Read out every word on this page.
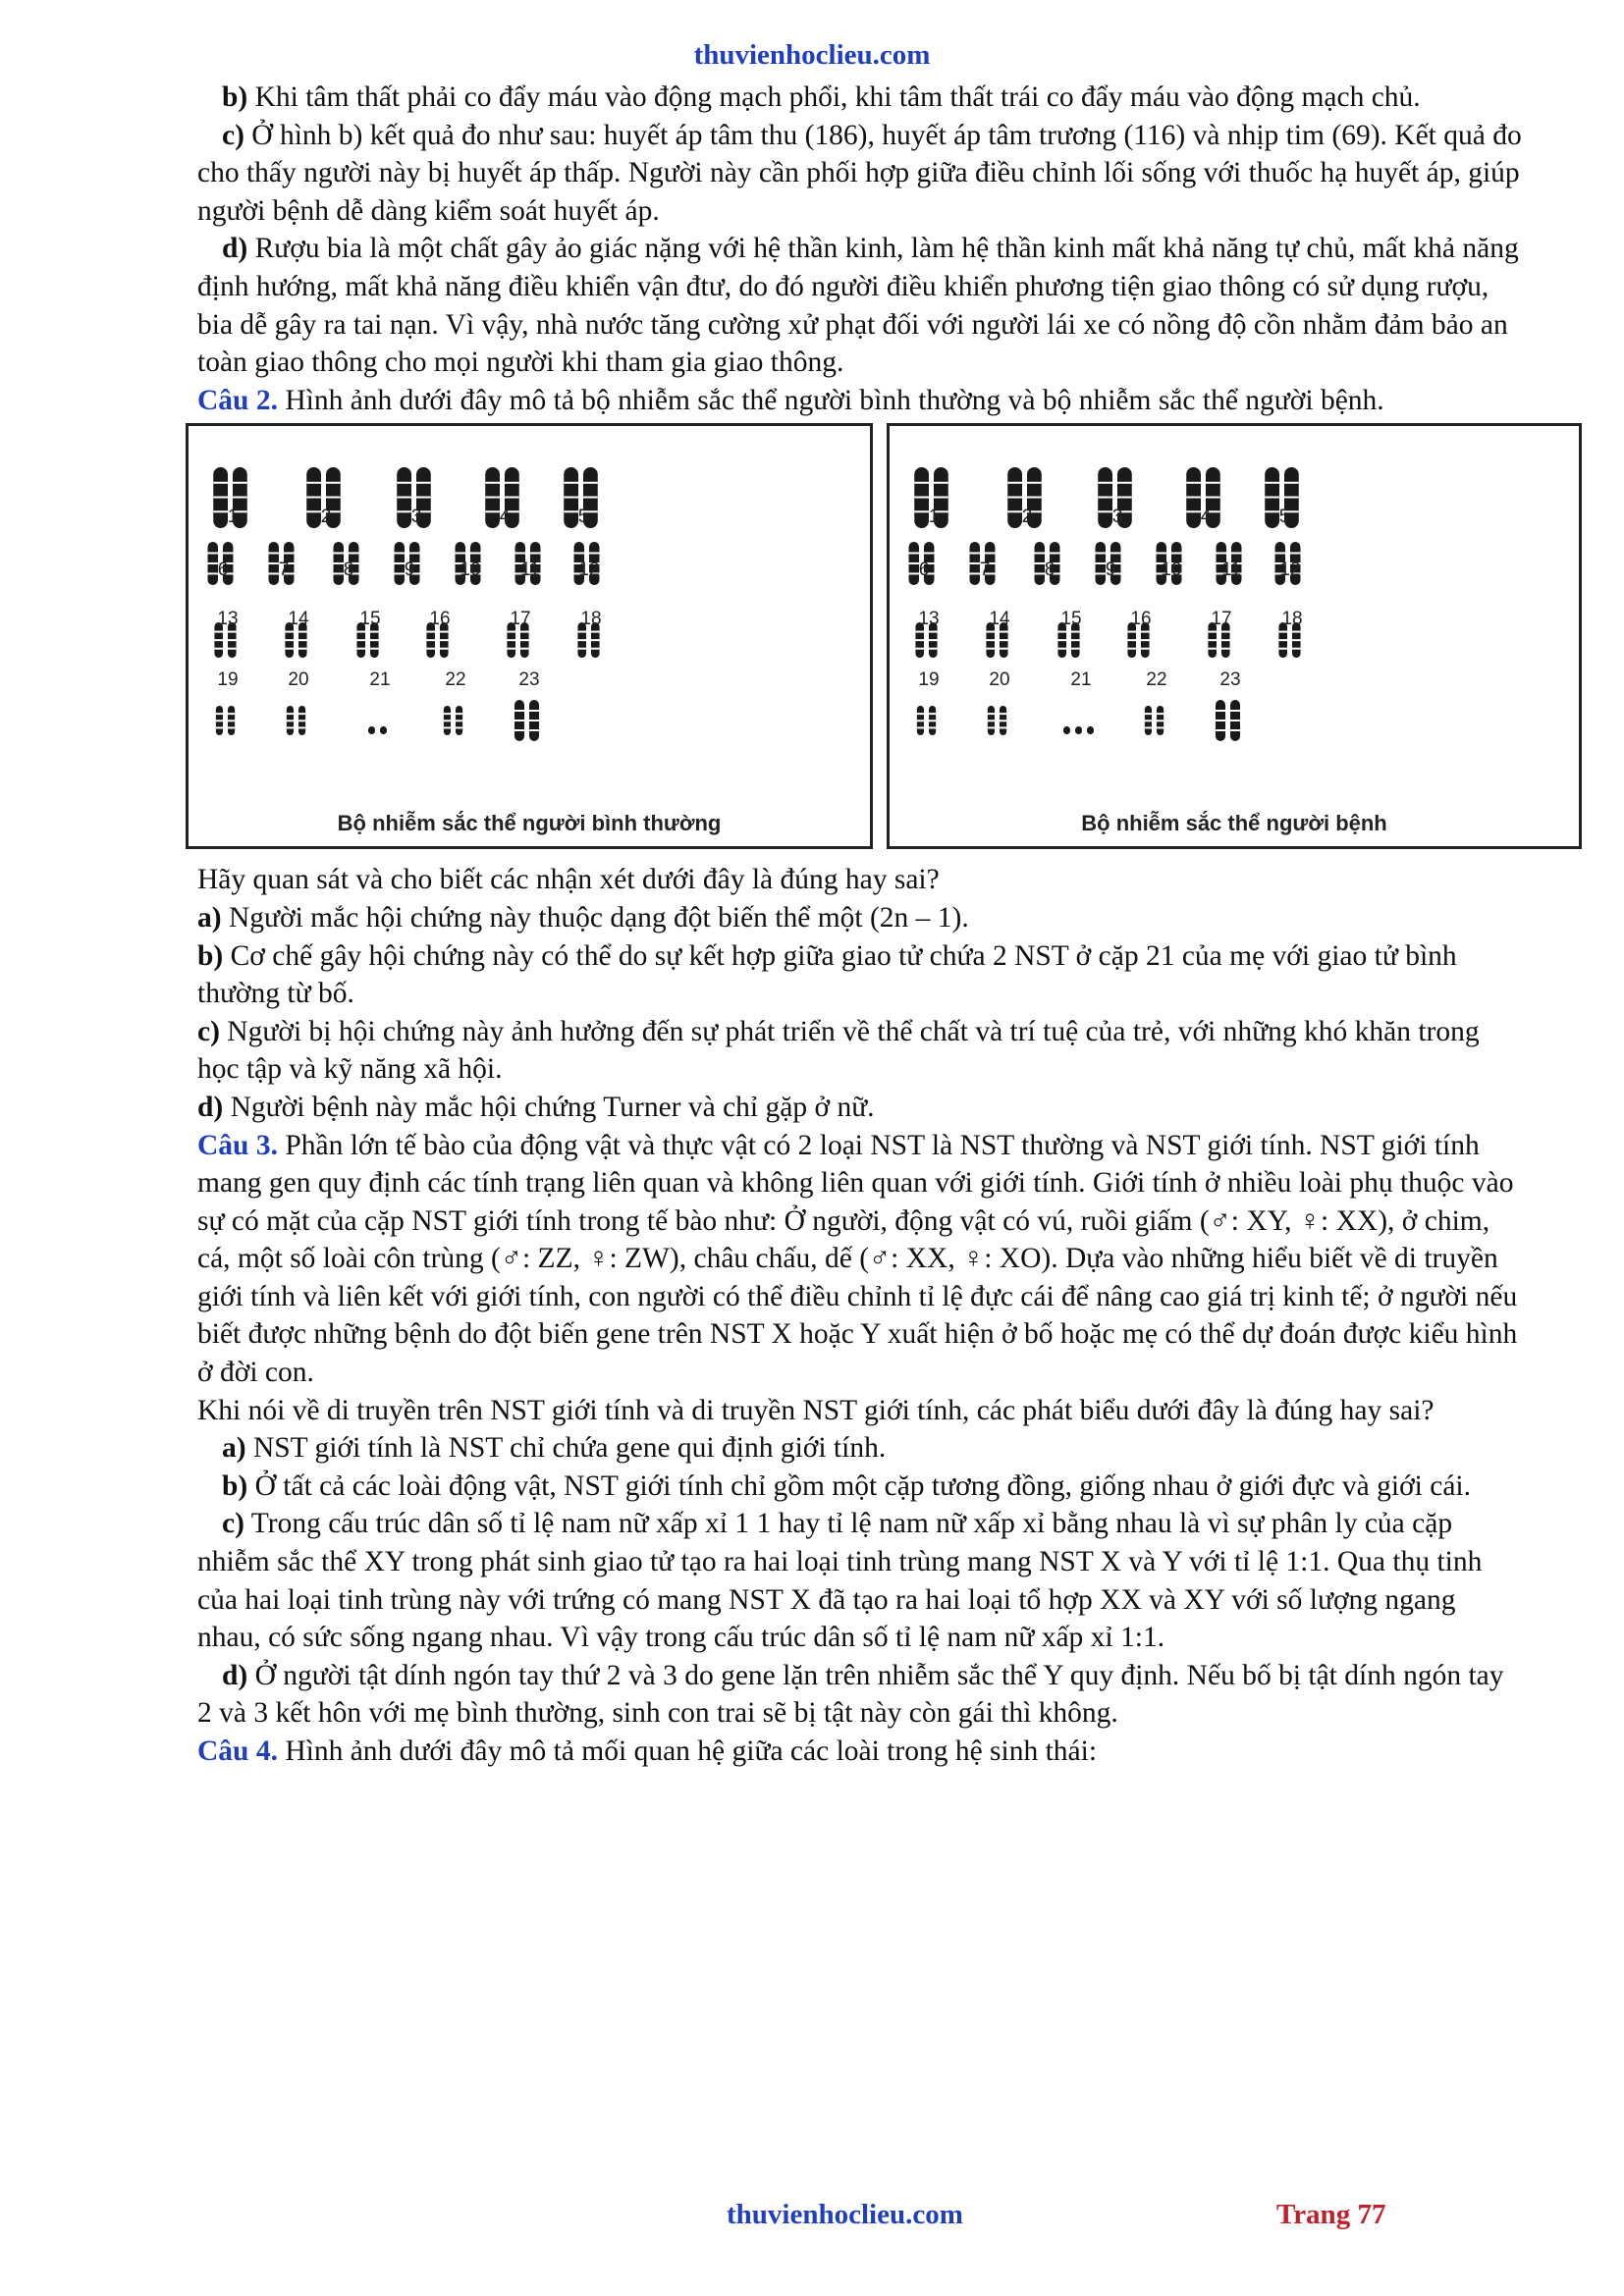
thuvienhoclieu.com

b) Khi tâm thất phải co đẩy máu vào động mạch phổi, khi tâm thất trái co đẩy máu vào động mạch chủ.

c) Ở hình b) kết quả đo như sau: huyết áp tâm thu (186), huyết áp tâm trương (116) và nhịp tim (69). Kết quả đo cho thấy người này bị huyết áp thấp. Người này cần phối hợp giữa điều chỉnh lối sống với thuốc hạ huyết áp, giúp người bệnh dễ dàng kiểm soát huyết áp.

d) Rượu bia là một chất gây ảo giác nặng với hệ thần kinh, làm hệ thần kinh mất khả năng tự chủ, mất khả năng định hướng, mất khả năng điều khiển vận đtư, do đó người điều khiển phương tiện giao thông có sử dụng rượu, bia dễ gây ra tai nạn. Vì vậy, nhà nước tăng cường xử phạt đối với người lái xe có nồng độ cồn nhằm đảm bảo an toàn giao thông cho mọi người khi tham gia giao thông.

Câu 2. Hình ảnh dưới đây mô tả bộ nhiễm sắc thể người bình thường và bộ nhiễm sắc thể người bệnh.

1	2	3	4	5
6	7	8	9	10	11	12
13	14	15	16	17	18
19	20	21	22	23
Bộ nhiễm sắc thể người bình thường
1	2	3	4	5
6	7	8	9	10	11	12
13	14	15	16	17	18
19	20	21	22	23
Bộ nhiễm sắc thể người bệnh

Hãy quan sát và cho biết các nhận xét dưới đây là đúng hay sai?

a) Người mắc hội chứng này thuộc dạng đột biến thể một (2n – 1).

b) Cơ chế gây hội chứng này có thể do sự kết hợp giữa giao tử chứa 2 NST ở cặp 21 của mẹ với giao tử bình thường từ bố.

c) Người bị hội chứng này ảnh hưởng đến sự phát triển về thể chất và trí tuệ của trẻ, với những khó khăn trong học tập và kỹ năng xã hội.

d) Người bệnh này mắc hội chứng Turner và chỉ gặp ở nữ.

Câu 3. Phần lớn tế bào của động vật và thực vật có 2 loại NST là NST thường và NST giới tính. NST giới tính mang gen quy định các tính trạng liên quan và không liên quan với giới tính. Giới tính ở nhiều loài phụ thuộc vào sự có mặt của cặp NST giới tính trong tế bào như: Ở người, động vật có vú, ruồi giấm (♂: XY, ♀: XX), ở chim, cá, một số loài côn trùng (♂: ZZ, ♀: ZW), châu chấu, dế (♂: XX, ♀: XO). Dựa vào những hiểu biết về di truyền giới tính và liên kết với giới tính, con người có thể điều chỉnh tỉ lệ đực cái để nâng cao giá trị kinh tế; ở người nếu biết được những bệnh do đột biến gene trên NST X hoặc Y xuất hiện ở bố hoặc mẹ có thể dự đoán được kiểu hình ở đời con.

Khi nói về di truyền trên NST giới tính và di truyền NST giới tính, các phát biểu dưới đây là đúng hay sai?

a) NST giới tính là NST chỉ chứa gene qui định giới tính.

b) Ở tất cả các loài động vật, NST giới tính chỉ gồm một cặp tương đồng, giống nhau ở giới đực và giới cái.

c) Trong cấu trúc dân số tỉ lệ nam nữ xấp xỉ 1 1 hay tỉ lệ nam nữ xấp xỉ bằng nhau là vì sự phân ly của cặp nhiễm sắc thể XY trong phát sinh giao tử tạo ra hai loại tinh trùng mang NST X và Y với tỉ lệ 1:1. Qua thụ tinh của hai loại tinh trùng này với trứng có mang NST X đã tạo ra hai loại tổ hợp XX và XY với số lượng ngang nhau, có sức sống ngang nhau. Vì vậy trong cấu trúc dân số tỉ lệ nam nữ xấp xỉ 1:1.

d) Ở người tật dính ngón tay thứ 2 và 3 do gene lặn trên nhiễm sắc thể Y quy định. Nếu bố bị tật dính ngón tay 2 và 3 kết hôn với mẹ bình thường, sinh con trai sẽ bị tật này còn gái thì không.

Câu 4. Hình ảnh dưới đây mô tả mối quan hệ giữa các loài trong hệ sinh thái:

thuvienhoclieu.com	Trang 77
